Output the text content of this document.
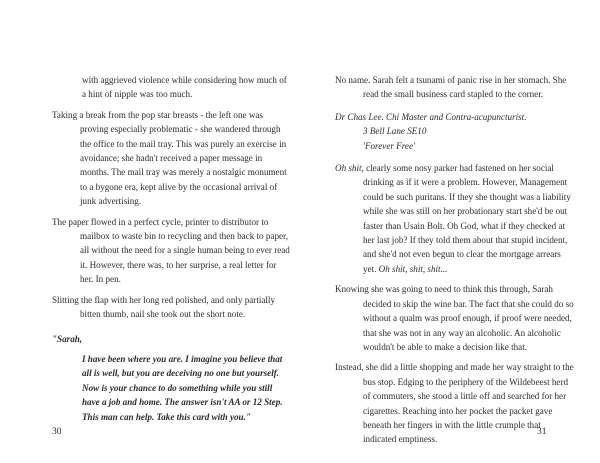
with aggrieved violence while considering how much of a hint of nipple was too much.

Taking a break from the pop star breasts - the left one was proving especially problematic - she wandered through the office to the mail tray. This was purely an exercise in avoidance; she hadn't received a paper message in months. The mail tray was merely a nostalgic monument to a bygone era, kept alive by the occasional arrival of junk advertising.

The paper flowed in a perfect cycle, printer to distributor to mailbox to waste bin to recycling and then back to paper, all without the need for a single human being to ever read it. However, there was, to her surprise, a real letter for her. In pen.

Slitting the flap with her long red polished, and only partially bitten thumb, nail she took out the short note.

"Sarah,

I have been where you are. I imagine you believe that all is well, but you are deceiving no one but yourself. Now is your chance to do something while you still have a job and home. The answer isn't AA or 12 Step. This man can help. Take this card with you."

30

No name. Sarah felt a tsunami of panic rise in her stomach. She read the small business card stapled to the corner.

Dr Chas Lee. Chi Master and Contra-acupuncturist.
3 Bell Lane SE10
'Forever Free'

Oh shit, clearly some nosy parker had fastened on her social drinking as if it were a problem. However, Management could be such puritans. If they she thought was a liability while she was still on her probationary start she'd be out faster than Usain Bolt. Oh God, what if they checked at her last job? If they told them about that stupid incident, and she'd not even begun to clear the mortgage arrears yet. Oh shit, shit, shit...

Knowing she was going to need to think this through, Sarah decided to skip the wine bar. The fact that she could do so without a qualm was proof enough, if proof were needed, that she was not in any way an alcoholic. An alcoholic wouldn't be able to make a decision like that.

Instead, she did a little shopping and made her way straight to the bus stop. Edging to the periphery of the Wildebeest herd of commuters, she stood a little off and searched for her cigarettes. Reaching into her pocket the packet gave beneath her fingers in with the little crumple that indicated emptiness.

31
